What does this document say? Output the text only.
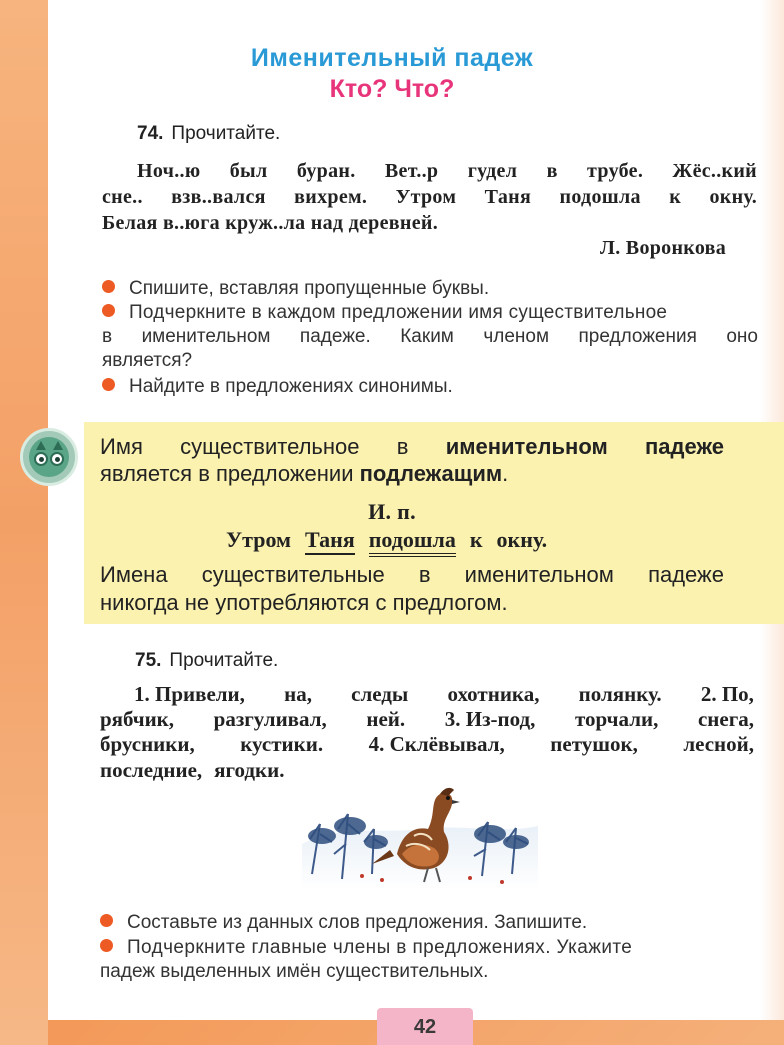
Именительный падеж
Кто? Что?
74. Прочитайте.
Ноч..ю был буран. Вет..р гудел в трубе. Жёс..кий
сне.. взв..вался вихрем. Утром Таня подошла к окну.
Белая в..юга круж..ла над деревней.
Л. Воронкова
Спишите, вставляя пропущенные буквы.
Подчеркните в каждом предложении имя существительное
в именительном падеже. Каким членом предложения оно
является?
Найдите в предложениях синонимы.
Имя существительное в именительном падеже
является в предложении подлежащим.
И. п.
Утром Таня подошла к окну.
Имена существительные в именительном падеже
никогда не употребляются с предлогом.
75. Прочитайте.
1. Привели, на, следы охотника, полянку. 2. По,
рябчик, разгуливал, ней. 3. Из-под, торчали, снега,
брусники, кустики. 4. Склёвывал, петушок, лесной,
последние, ягодки.
Составьте из данных слов предложения. Запишите.
Подчеркните главные члены в предложениях. Укажите
падеж выделенных имён существительных.
42
